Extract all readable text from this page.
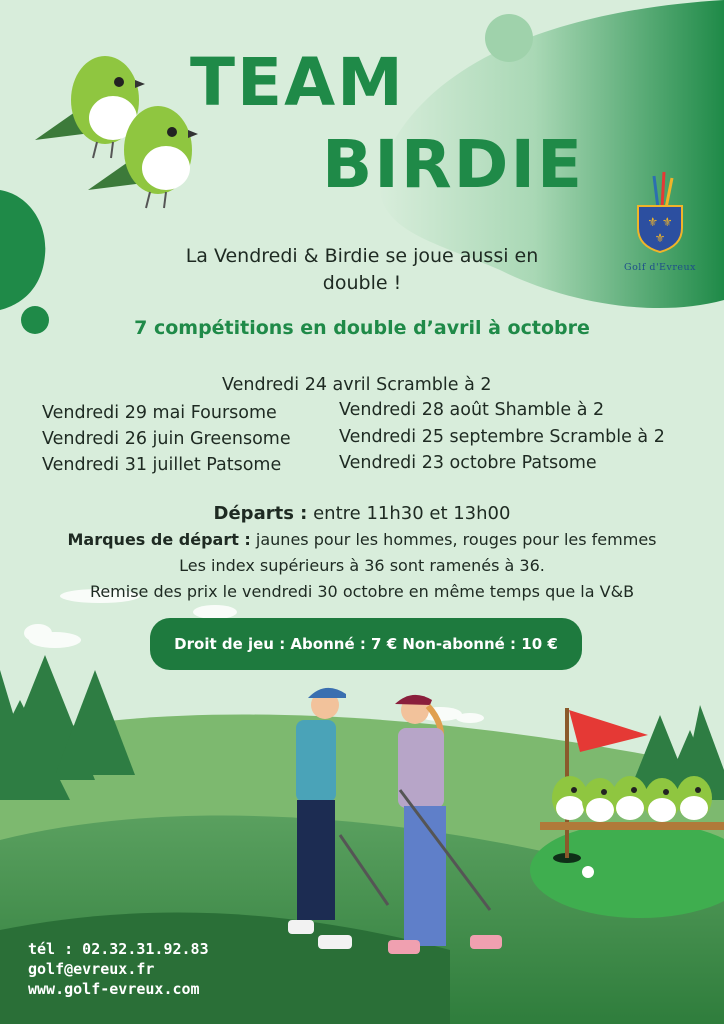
⚜ ⚜
⚜
Golf d'Evreux
TEAM
BIRDIE
La Vendredi & Birdie se joue aussi en
double !
7 compétitions en double d’avril à octobre
Vendredi 24 avril Scramble à 2
Vendredi 29 mai Foursome
Vendredi 26 juin Greensome
Vendredi 31 juillet Patsome
Vendredi 28 août Shamble à 2
Vendredi 25 septembre Scramble à 2
Vendredi 23 octobre Patsome
Départs : entre 11h30 et 13h00
Marques de départ : jaunes pour les hommes, rouges pour les femmes
Les index supérieurs à 36 sont ramenés à 36.
Remise des prix le vendredi 30 octobre en même temps que la V&B
Droit de jeu : Abonné : 7 € Non-abonné : 10 €
tél : 02.32.31.92.83
golf@evreux.fr
www.golf-evreux.com
